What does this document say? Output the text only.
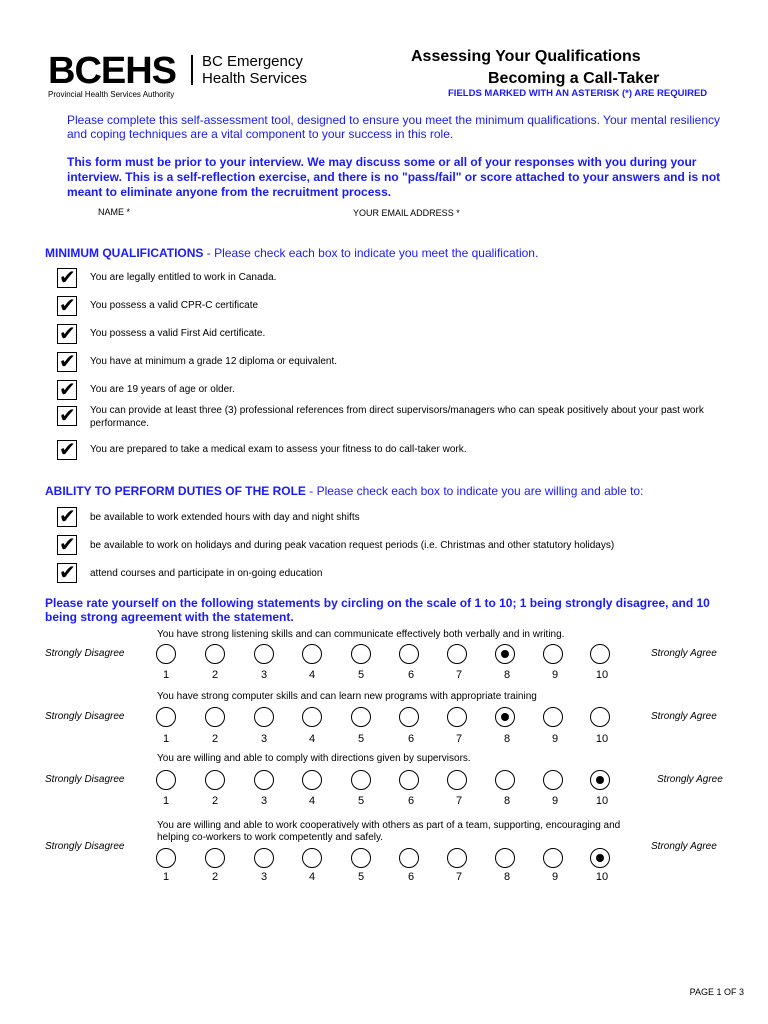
BCEHS BC Emergency
Health Services
Provincial Health Services Authority
Assessing Your Qualifications
Becoming a Call-Taker
FIELDS MARKED WITH AN ASTERISK (*) ARE REQUIRED
Please complete this self-assessment tool, designed to ensure you meet the minimum qualifications. Your mental resiliency and coping techniques are a vital component to your success in this role.
This form must be prior to your interview. We may discuss some or all of your responses with you during your interview. This is a self-reflection exercise, and there is no "pass/fail" or score attached to your answers and is not meant to eliminate anyone from the recruitment process.
NAME *	YOUR EMAIL ADDRESS *
MINIMUM QUALIFICATIONS - Please check each box to indicate you meet the qualification.
✔ You are legally entitled to work in Canada.
✔ You possess a valid CPR-C certificate
✔ You possess a valid First Aid certificate.
✔ You have at minimum a grade 12 diploma or equivalent.
✔ You are 19 years of age or older.
✔ You can provide at least three (3) professional references from direct supervisors/managers who can speak positively about your past work performance.
✔ You are prepared to take a medical exam to assess your fitness to do call-taker work.
ABILITY TO PERFORM DUTIES OF THE ROLE - Please check each box to indicate you are willing and able to:
✔ be available to work extended hours with day and night shifts
✔ be available to work on holidays and during peak vacation request periods (i.e. Christmas and other statutory holidays)
✔ attend courses and participate in on-going education
Please rate yourself on the following statements by circling on the scale of 1 to 10; 1 being strongly disagree, and 10 being strong agreement with the statement.
You have strong listening skills and can communicate effectively both verbally and in writing.
Strongly Disagree	Strongly Agree
1	2	3	4	5	6	7	8	9	10
You have strong computer skills and can learn new programs with appropriate training
Strongly Disagree	Strongly Agree
1	2	3	4	5	6	7	8	9	10
You are willing and able to comply with directions given by supervisors.
Strongly Disagree	Strongly Agree
1	2	3	4	5	6	7	8	9	10
You are willing and able to work cooperatively with others as part of a team, supporting, encouraging and helping co-workers to work competently and safely.
Strongly Disagree	Strongly Agree
1	2	3	4	5	6	7	8	9	10
PAGE 1 OF 3
